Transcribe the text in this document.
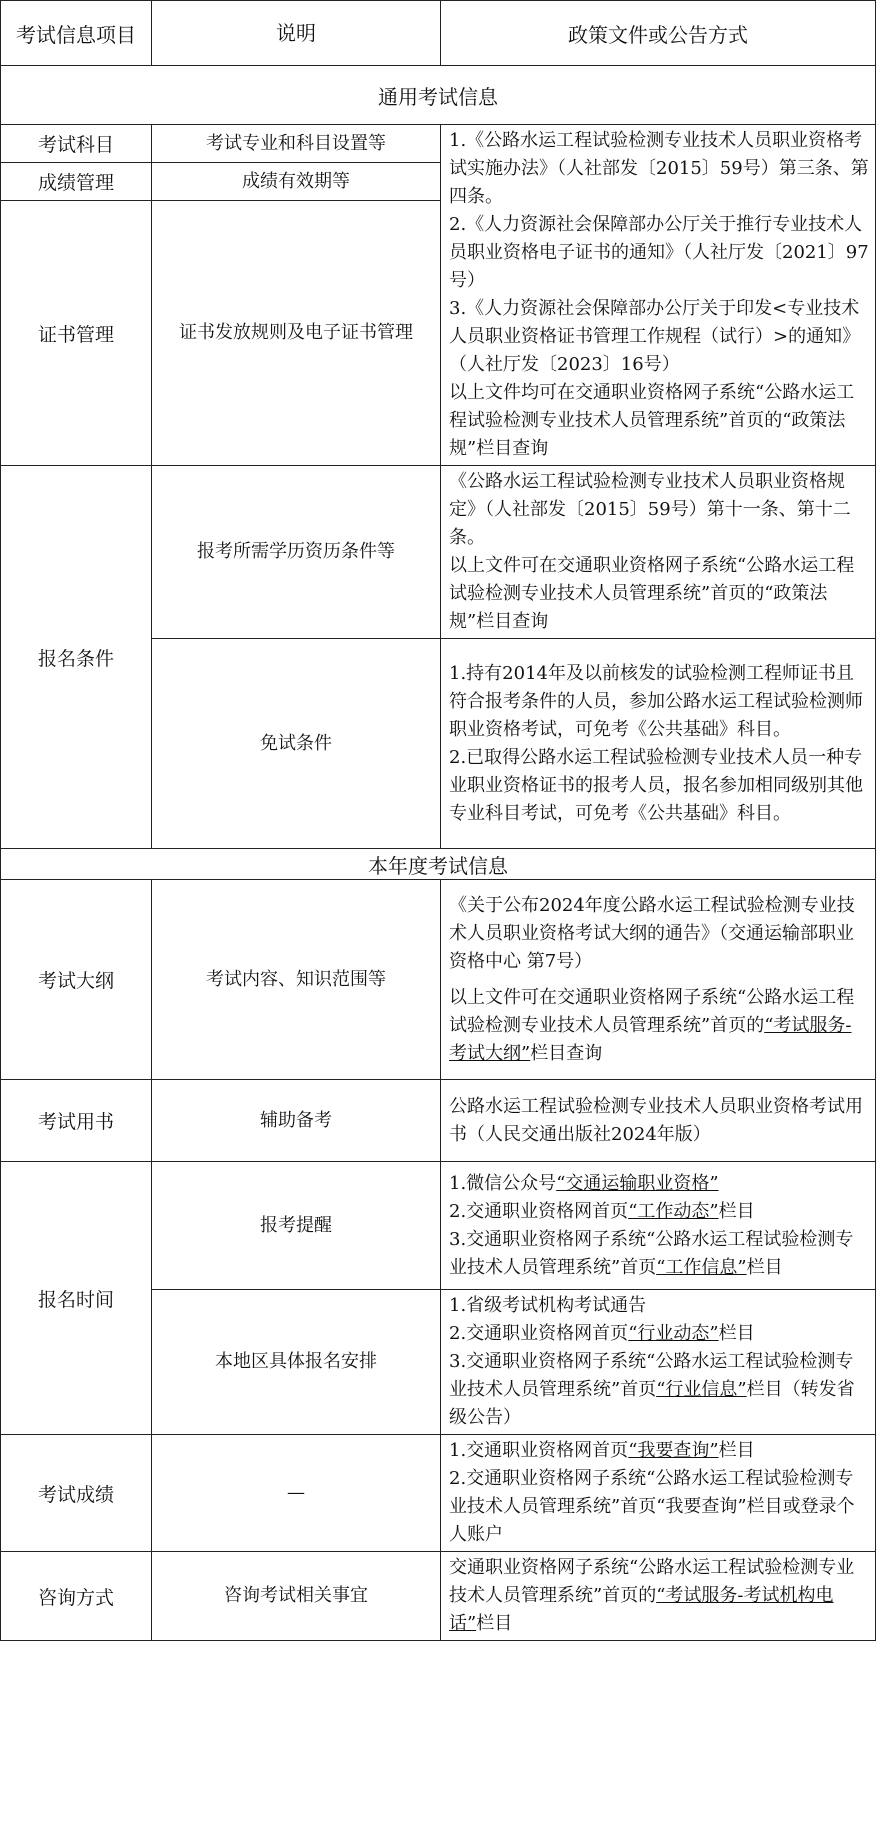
考试信息项目	说明	政策文件或公告方式
通用考试信息		
考试科目	考试专业和科目设置等	1.《公路水运工程试验检测专业技术人员职业资格考试实施办法》（人社部发〔2015〕59号）第三条、第四条。
2.《人力资源社会保障部办公厅关于推行专业技术人员职业资格电子证书的通知》（人社厅发〔2021〕97号）
3.《人力资源社会保障部办公厅关于印发<专业技术人员职业资格证书管理工作规程（试行）>的通知》（人社厅发〔2023〕16号）
以上文件均可在交通职业资格网子系统“公路水运工程试验检测专业技术人员管理系统”首页的“政策法规”栏目查询

成绩管理	成绩有效期等	
证书管理	证书发放规则及电子证书管理	
报名条件	报考所需学历资历条件等	《公路水运工程试验检测专业技术人员职业资格规定》（人社部发〔2015〕59号）第十一条、第十二条。
以上文件可在交通职业资格网子系统“公路水运工程试验检测专业技术人员管理系统”首页的“政策法规”栏目查询

	免试条件	1.持有2014年及以前核发的试验检测工程师证书且符合报考条件的人员，参加公路水运工程试验检测师职业资格考试，可免考《公共基础》科目。
2.已取得公路水运工程试验检测专业技术人员一种专业职业资格证书的报考人员，报名参加相同级别其他专业科目考试，可免考《公共基础》科目。

本年度考试信息		
考试大纲	考试内容、知识范围等	《关于公布2024年度公路水运工程试验检测专业技术人员职业资格考试大纲的通告》（交通运输部职业资格中心 第7号）
以上文件可在交通职业资格网子系统“公路水运工程试验检测专业技术人员管理系统”首页的“考试服务-考试大纲”栏目查询

考试用书	辅助备考	公路水运工程试验检测专业技术人员职业资格考试用书（人民交通出版社2024年版）
报名时间	报考提醒	1.微信公众号“交通运输职业资格”
2.交通职业资格网首页“工作动态”栏目
3.交通职业资格网子系统“公路水运工程试验检测专业技术人员管理系统”首页“工作信息”栏目

	本地区具体报名安排	1.省级考试机构考试通告
2.交通职业资格网首页“行业动态”栏目
3.交通职业资格网子系统“公路水运工程试验检测专业技术人员管理系统”首页“行业信息”栏目（转发省级公告）

考试成绩	—	1.交通职业资格网首页“我要查询”栏目
2.交通职业资格网子系统“公路水运工程试验检测专业技术人员管理系统”首页“我要查询”栏目或登录个人账户

咨询方式	咨询考试相关事宜	交通职业资格网子系统“公路水运工程试验检测专业技术人员管理系统”首页的“考试服务-考试机构电话”栏目
